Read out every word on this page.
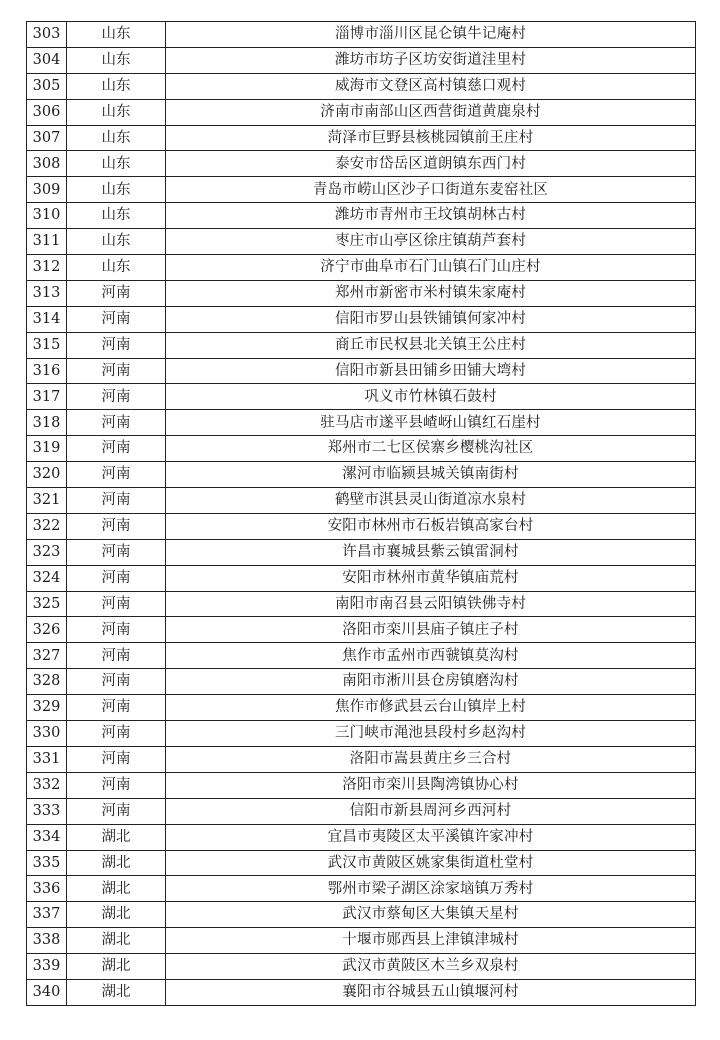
303	山东	淄博市淄川区昆仑镇牛记庵村
304	山东	潍坊市坊子区坊安街道洼里村
305	山东	威海市文登区高村镇慈口观村
306	山东	济南市南部山区西营街道黄鹿泉村
307	山东	菏泽市巨野县核桃园镇前王庄村
308	山东	泰安市岱岳区道朗镇东西门村
309	山东	青岛市崂山区沙子口街道东麦窑社区
310	山东	潍坊市青州市王坟镇胡林古村
311	山东	枣庄市山亭区徐庄镇葫芦套村
312	山东	济宁市曲阜市石门山镇石门山庄村
313	河南	郑州市新密市米村镇朱家庵村
314	河南	信阳市罗山县铁铺镇何家冲村
315	河南	商丘市民权县北关镇王公庄村
316	河南	信阳市新县田铺乡田铺大塆村
317	河南	巩义市竹林镇石鼓村
318	河南	驻马店市遂平县嵖岈山镇红石崖村
319	河南	郑州市二七区侯寨乡樱桃沟社区
320	河南	漯河市临颍县城关镇南街村
321	河南	鹤壁市淇县灵山街道凉水泉村
322	河南	安阳市林州市石板岩镇高家台村
323	河南	许昌市襄城县紫云镇雷洞村
324	河南	安阳市林州市黄华镇庙荒村
325	河南	南阳市南召县云阳镇铁佛寺村
326	河南	洛阳市栾川县庙子镇庄子村
327	河南	焦作市孟州市西虢镇莫沟村
328	河南	南阳市淅川县仓房镇磨沟村
329	河南	焦作市修武县云台山镇岸上村
330	河南	三门峡市渑池县段村乡赵沟村
331	河南	洛阳市嵩县黄庄乡三合村
332	河南	洛阳市栾川县陶湾镇协心村
333	河南	信阳市新县周河乡西河村
334	湖北	宜昌市夷陵区太平溪镇许家冲村
335	湖北	武汉市黄陂区姚家集街道杜堂村
336	湖北	鄂州市梁子湖区涂家垴镇万秀村
337	湖北	武汉市蔡甸区大集镇天星村
338	湖北	十堰市郧西县上津镇津城村
339	湖北	武汉市黄陂区木兰乡双泉村
340	湖北	襄阳市谷城县五山镇堰河村
